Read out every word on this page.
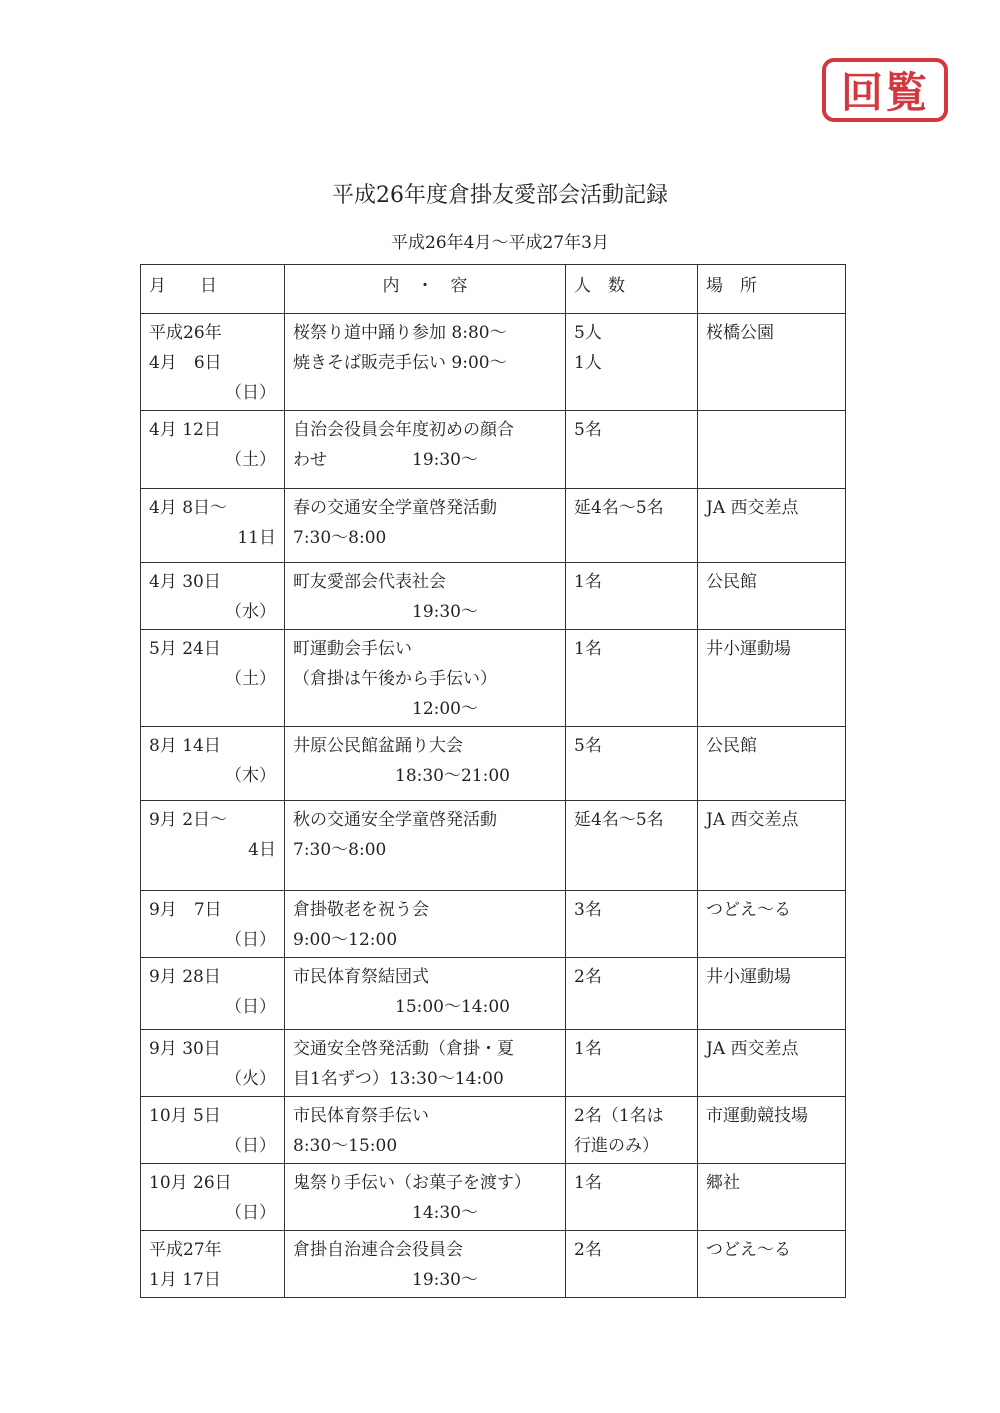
回覧
平成26年度倉掛友愛部会活動記録
平成26年4月～平成27年3月
月　　日	内　・　容	人　数	場　所

平成26年
4月　6日
（日）	桜祭り道中踊り参加 8:80～
焼きそば販売手伝い 9:00～	5人
1人	桜橋公園

4月 12日
（土）	自治会役員会年度初めの顔合
わせ　　　　　19:30～	5名	

4月 8日～
11日	春の交通安全学童啓発活動
7:30～8:00	延4名～5名	JA 西交差点

4月 30日
（水）	町友愛部会代表社会
　　　　　　　19:30～	1名	公民館

5月 24日
（土）	町運動会手伝い
（倉掛は午後から手伝い）
　　　　　　　12:00～	1名	井小運動場

8月 14日
（木）	井原公民館盆踊り大会
　　　　　　18:30～21:00	5名	公民館

9月 2日～
4日	秋の交通安全学童啓発活動
7:30～8:00	延4名～5名	JA 西交差点

9月　7日
（日）	倉掛敬老を祝う会
9:00～12:00	3名	つどえ～る

9月 28日
（日）	市民体育祭結団式
　　　　　　15:00～14:00	2名	井小運動場

9月 30日
（火）	交通安全啓発活動（倉掛・夏
目1名ずつ）13:30～14:00	1名	JA 西交差点

10月 5日
（日）	市民体育祭手伝い
8:30～15:00	2名（1名は
行進のみ）	市運動競技場

10月 26日
（日）	鬼祭り手伝い（お菓子を渡す）
　　　　　　　14:30～	1名	郷社

平成27年
1月 17日	倉掛自治連合会役員会
　　　　　　　19:30～	2名	つどえ～る
